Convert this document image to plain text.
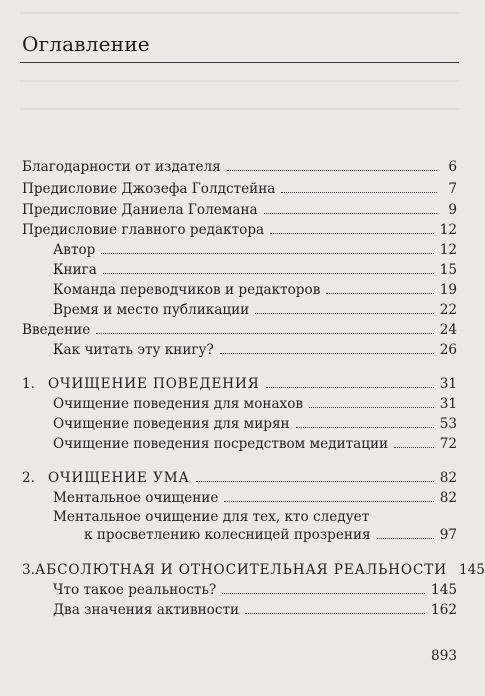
Оглавление
Благодарности от издателя	6
Предисловие Джозефа Голдстейна	7
Предисловие Даниела Големана	9
Предисловие главного редактора	12
Автор	12
Книга	15
Команда переводчиков и редакторов	19
Время и место публикации	22
Введение	24
Как читать эту книгу?	26
1. ОЧИЩЕНИЕ ПОВЕДЕНИЯ	31
Очищение поведения для монахов	31
Очищение поведения для мирян	53
Очищение поведения посредством медитации	72
2. ОЧИЩЕНИЕ УМА	82
Ментальное очищение	82
Ментальное очищение для тех, кто следует
к просветлению колесницей прозрения	97
3. АБСОЛЮТНАЯ И ОТНОСИТЕЛЬНАЯ РЕАЛЬНОСТИ 145
Что такое реальность?	145
Два значения активности	162
893
